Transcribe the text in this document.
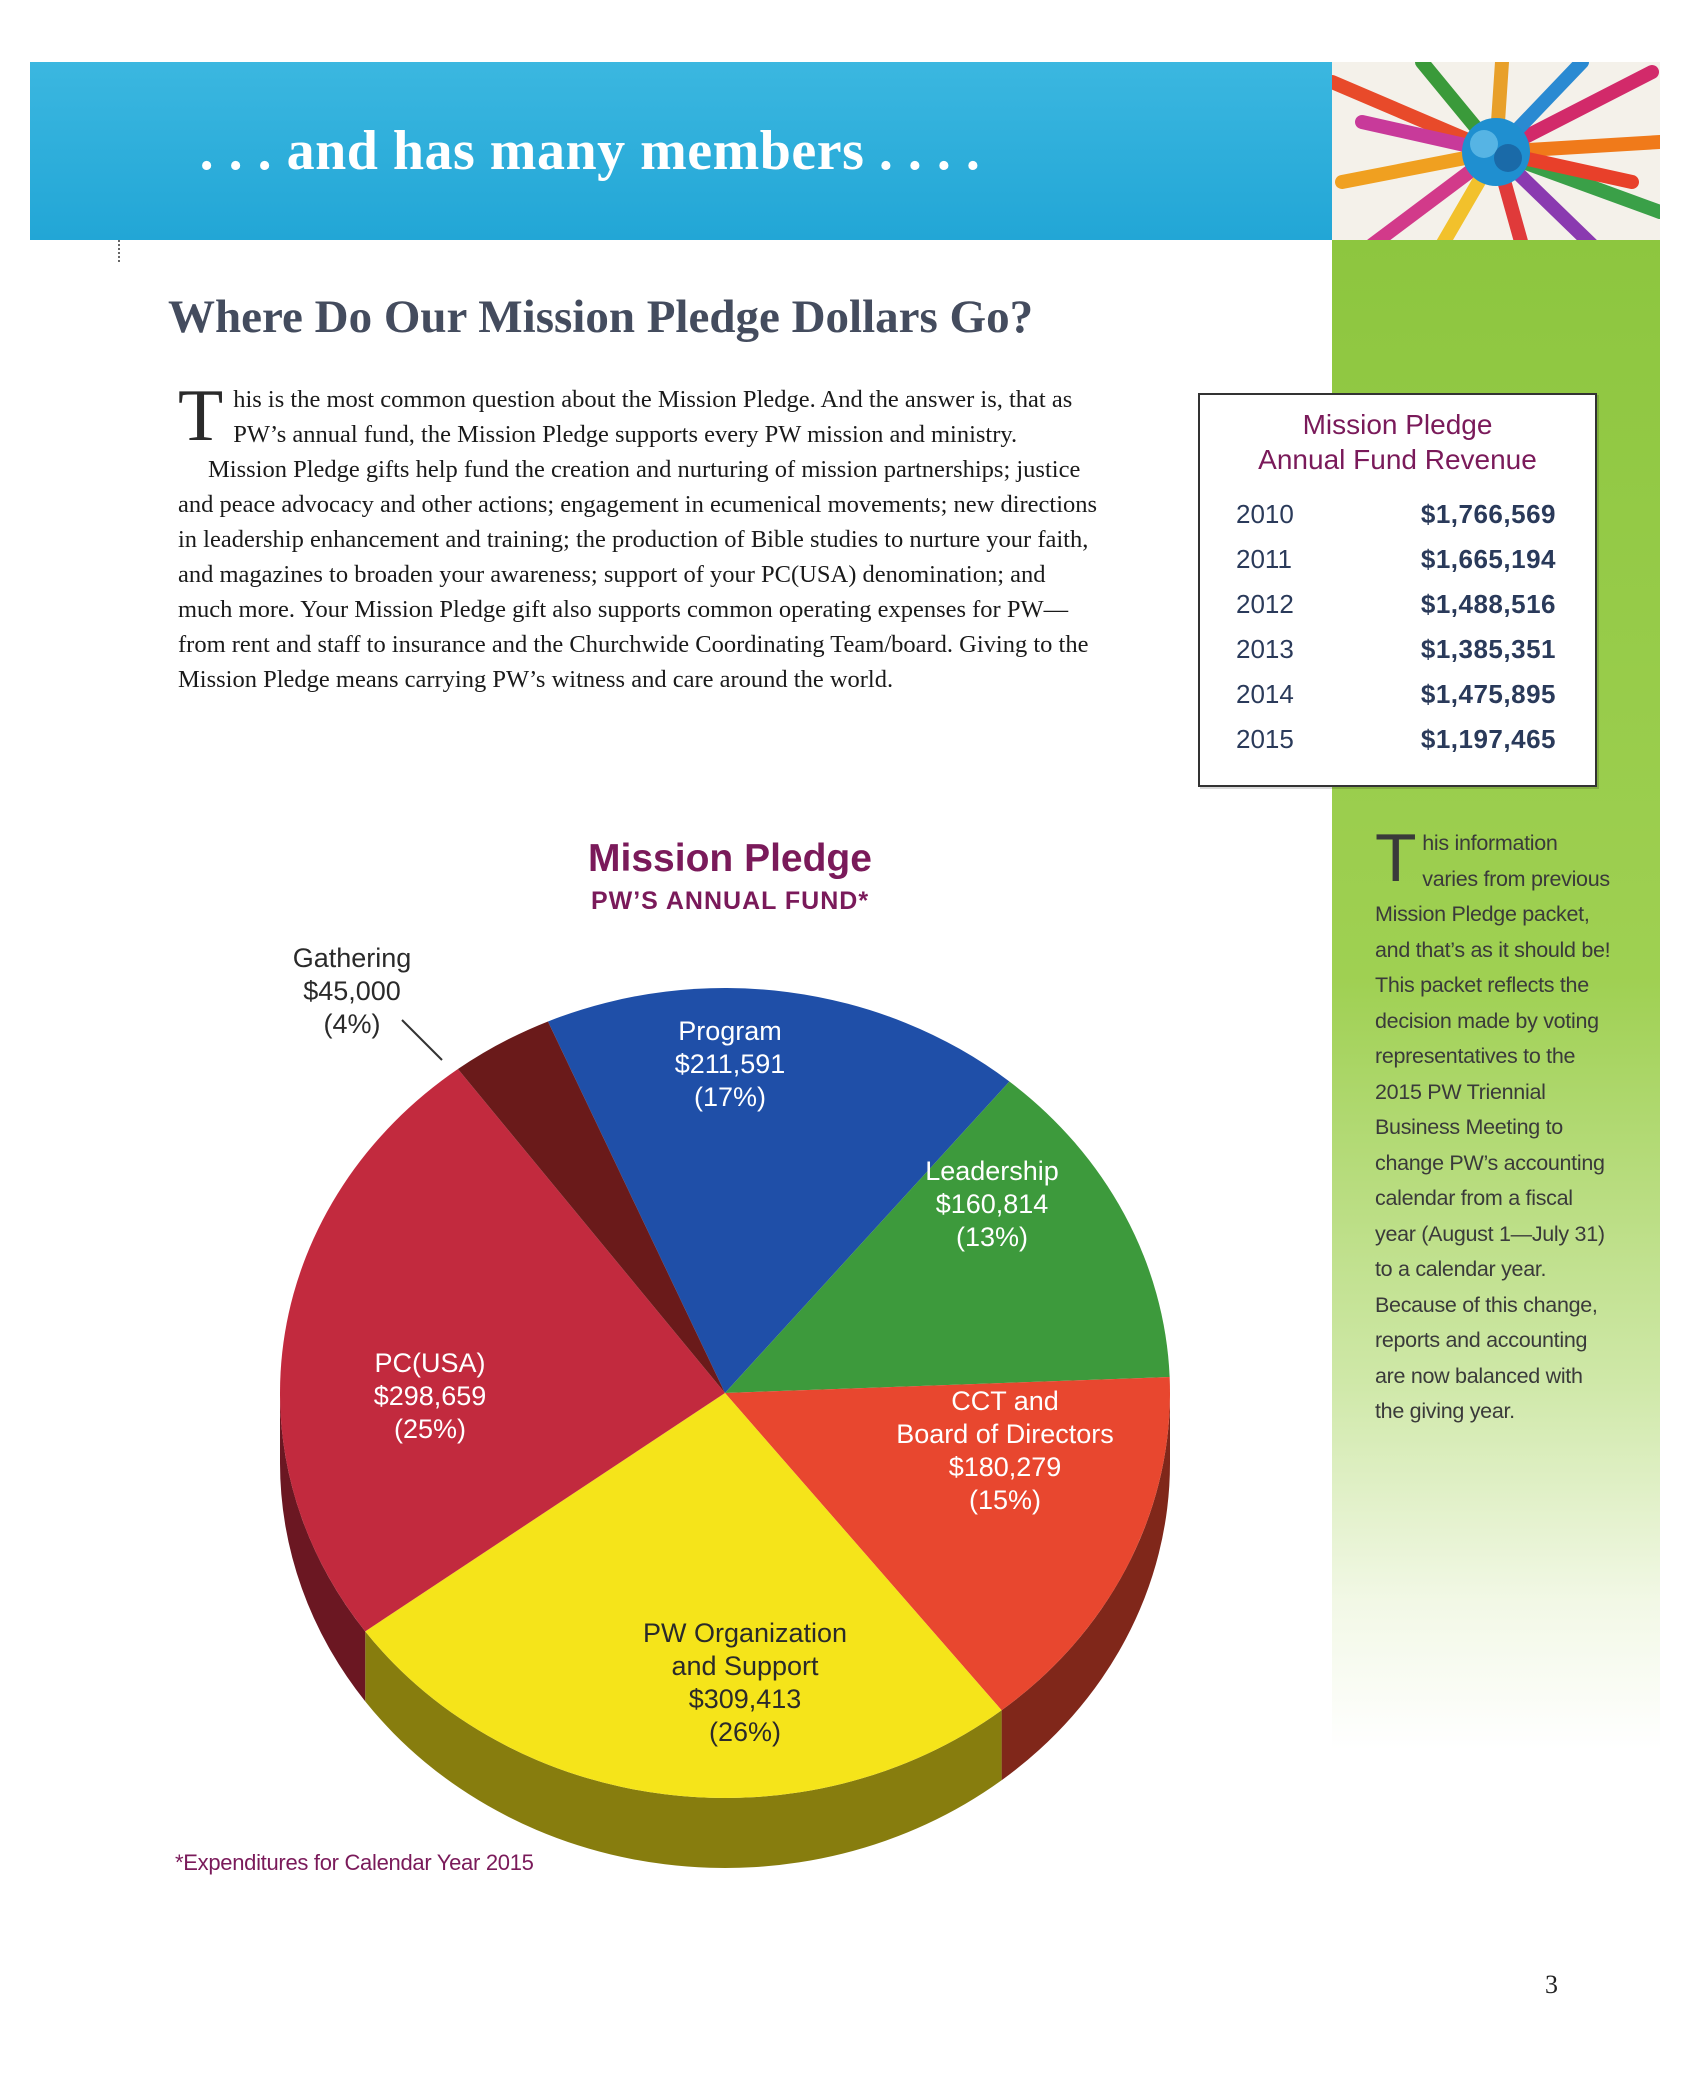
. . . and has many members . . . .
Where Do Our Mission Pledge Dollars Go?

This is the most common question about the Mission Pledge. And the answer is, that as PW’s annual fund, the Mission Pledge supports every PW mission and ministry.

Mission Pledge gifts help fund the creation and nurturing of mission partnerships; justice and peace advocacy and other actions; engagement in ecumenical movements; new directions in leadership enhancement and training; the production of Bible studies to nurture your faith, and magazines to broaden your awareness; support of your PC(USA) denomination; and much more. Your Mission Pledge gift also supports common operating expenses for PW—from rent and staff to insurance and the Churchwide Coordinating Team/board. Giving to the Mission Pledge means carrying PW’s witness and care around the world.

Mission Pledge
Annual Fund Revenue
2010	$1,766,569
2011	$1,665,194
2012	$1,488,516
2013	$1,385,351
2014	$1,475,895
2015	$1,197,465
This information varies from previous Mission Pledge packet, and that’s as it should be! This packet reflects the decision made by voting representatives to the 2015 PW Triennial Business Meeting to change PW’s accounting calendar from a fiscal year (August 1—July 31) to a calendar year. Because of this change, reports and accounting are now balanced with the giving year.
Mission Pledge
PW’S ANNUAL FUND*
Program
$211,591
(17%)
Leadership
$160,814
(13%)
CCT and
Board of Directors
$180,279
(15%)
PW Organization
and Support
$309,413
(26%)
PC(USA)
$298,659
(25%)
Gathering
$45,000
(4%)
*Expenditures for Calendar Year 2015
3
